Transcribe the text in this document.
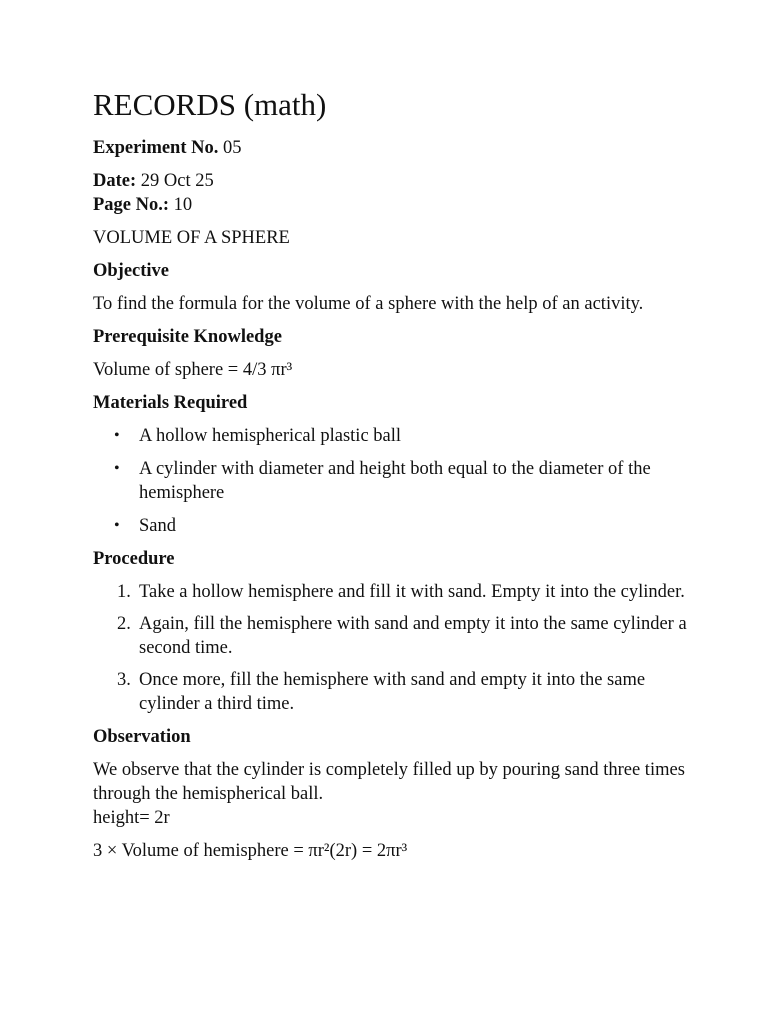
RECORDS (math)
Experiment No. 05
Date: 29 Oct 25
Page No.: 10
VOLUME OF A SPHERE
Objective
To find the formula for the volume of a sphere with the help of an activity.
Prerequisite Knowledge
Volume of sphere = 4/3 πr³
Materials Required
• A hollow hemispherical plastic ball
• A cylinder with diameter and height both equal to the diameter of the hemisphere
• Sand
Procedure
1. Take a hollow hemisphere and fill it with sand. Empty it into the cylinder.
2. Again, fill the hemisphere with sand and empty it into the same cylinder a second time.
3. Once more, fill the hemisphere with sand and empty it into the same cylinder a third time.
Observation
We observe that the cylinder is completely filled up by pouring sand three times through the hemispherical ball.
height= 2r
3 × Volume of hemisphere = πr²(2r) = 2πr³
